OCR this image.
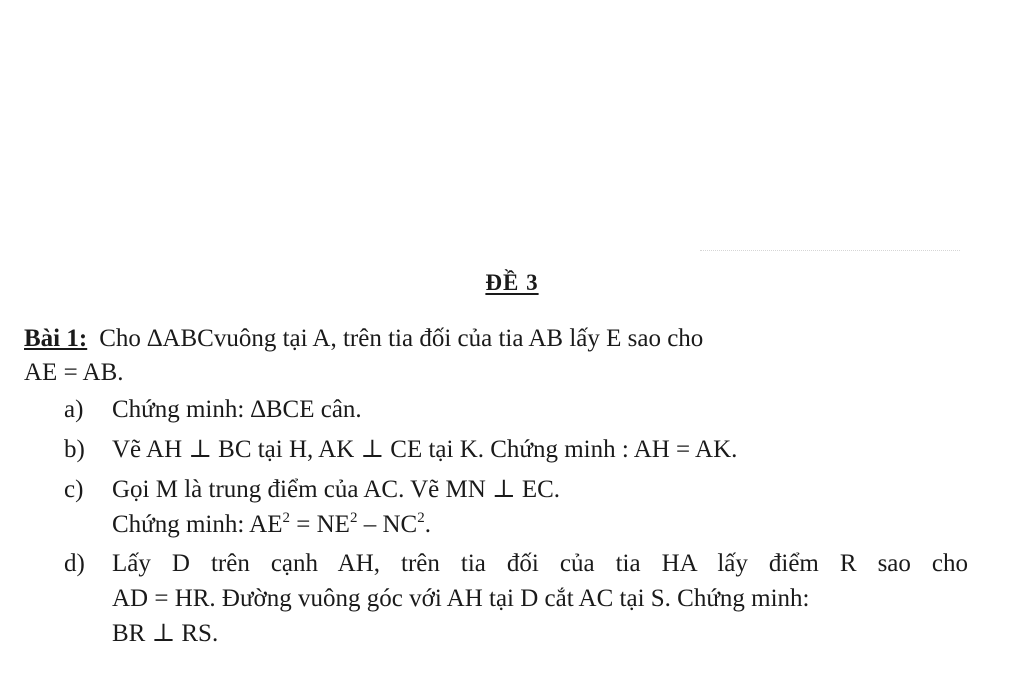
ĐỀ 3
Bài 1: Cho ∆ABCvuông tại A, trên tia đối của tia AB lấy E sao cho
AE = AB.
a) Chứng minh: ∆BCE cân.
b) Vẽ AH ⊥ BC tại H, AK ⊥ CE tại K. Chứng minh : AH = AK.
c) Gọi M là trung điểm của AC. Vẽ MN ⊥ EC.
Chứng minh: $AE^2 = NE^2 - NC^2$.
d) Lấy D trên cạnh AH, trên tia đối của tia HA lấy điểm R sao cho
AD = HR. Đường vuông góc với AH tại D cắt AC tại S. Chứng minh:
BR ⊥ RS.
